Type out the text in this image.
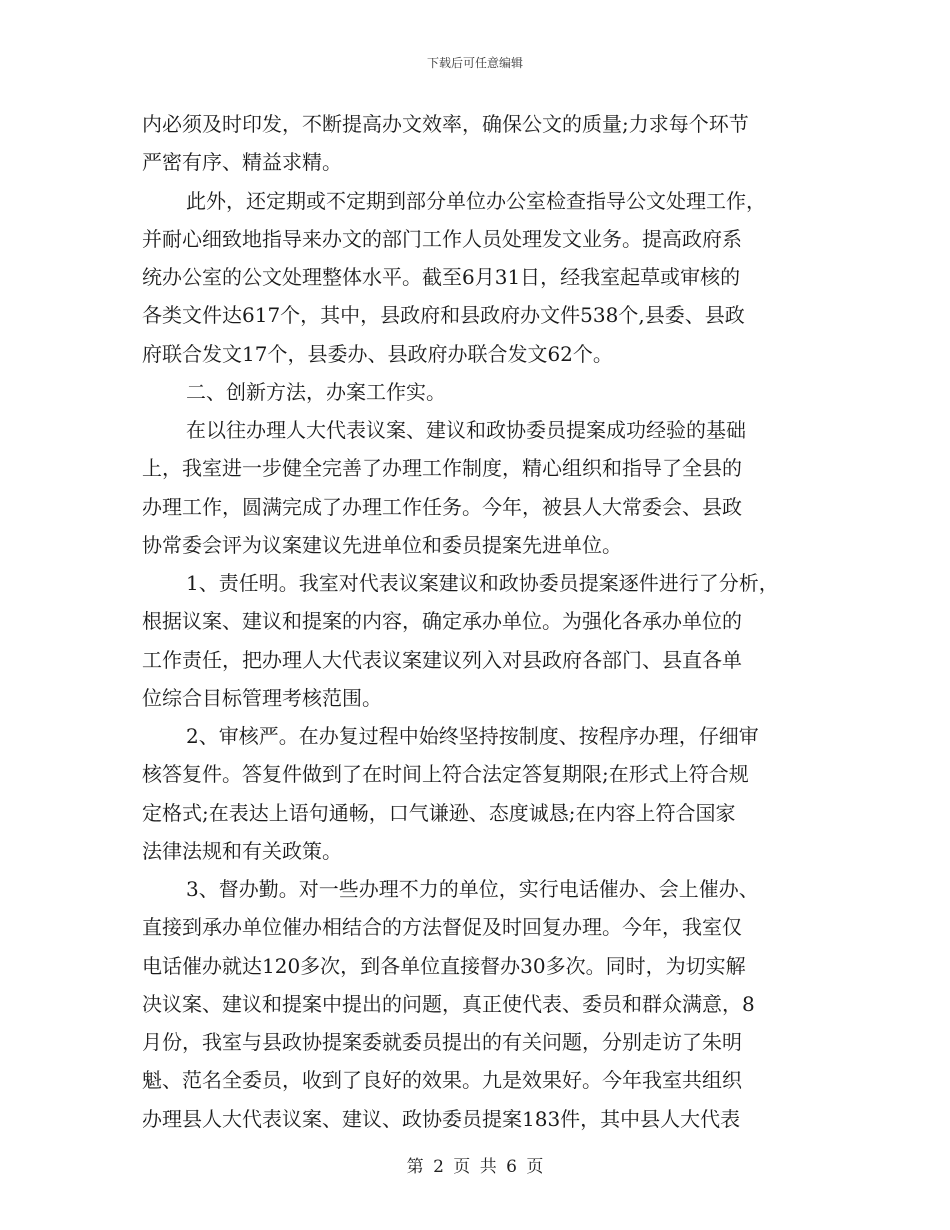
下载后可任意编辑
内必须及时印发，不断提高办文效率，确保公文的质量;力求每个环节
严密有序、精益求精。
此外，还定期或不定期到部分单位办公室检查指导公文处理工作，
并耐心细致地指导来办文的部门工作人员处理发文业务。提高政府系
统办公室的公文处理整体水平。截至6月31日，经我室起草或审核的
各类文件达617个，其中，县政府和县政府办文件538个,县委、县政
府联合发文17个，县委办、县政府办联合发文62个。
二、创新方法，办案工作实。
在以往办理人大代表议案、建议和政协委员提案成功经验的基础
上，我室进一步健全完善了办理工作制度，精心组织和指导了全县的
办理工作，圆满完成了办理工作任务。今年，被县人大常委会、县政
协常委会评为议案建议先进单位和委员提案先进单位。
1、责任明。我室对代表议案建议和政协委员提案逐件进行了分析，
根据议案、建议和提案的内容，确定承办单位。为强化各承办单位的
工作责任，把办理人大代表议案建议列入对县政府各部门、县直各单
位综合目标管理考核范围。
2、审核严。在办复过程中始终坚持按制度、按程序办理，仔细审
核答复件。答复件做到了在时间上符合法定答复期限;在形式上符合规
定格式;在表达上语句通畅，口气谦逊、态度诚恳;在内容上符合国家
法律法规和有关政策。
3、督办勤。对一些办理不力的单位，实行电话催办、会上催办、
直接到承办单位催办相结合的方法督促及时回复办理。今年，我室仅
电话催办就达120多次，到各单位直接督办30多次。同时，为切实解
决议案、建议和提案中提出的问题，真正使代表、委员和群众满意，8
月份，我室与县政协提案委就委员提出的有关问题，分别走访了朱明
魁、范名全委员，收到了良好的效果。九是效果好。今年我室共组织
办理县人大代表议案、建议、政协委员提案183件，其中县人大代表
第 2 页 共 6 页
